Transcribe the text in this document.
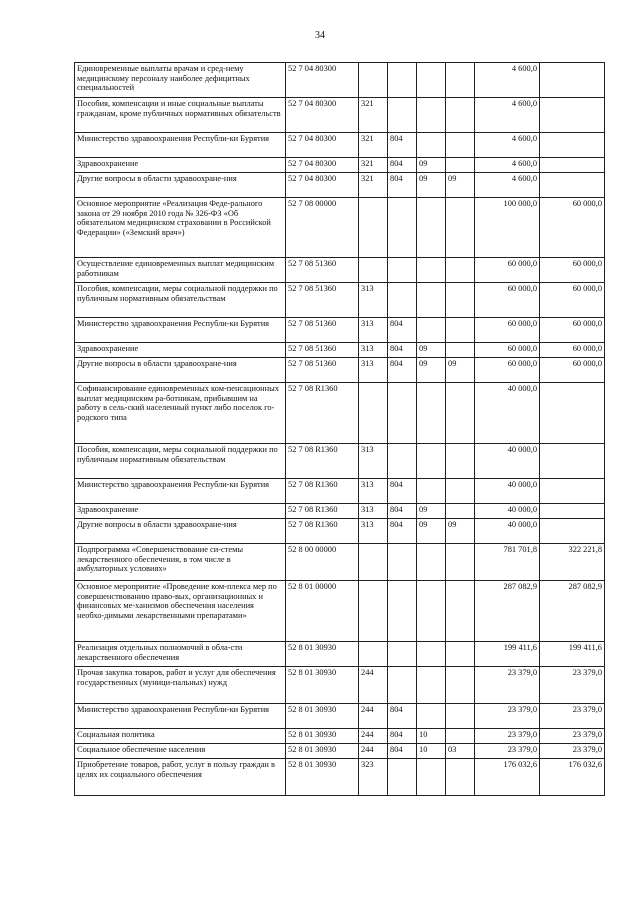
34
Единовременные выплаты врачам и сред-нему медицинскому персоналу наиболее дефицитных специальностей	52 7 04 80300					4 600,0	
Пособия, компенсации и иные социальные выплаты гражданам, кроме публичных нормативных обязательств	52 7 04 80300	321				4 600,0	
Министерство здравоохранения Республи-ки Бурятия	52 7 04 80300	321	804			4 600,0	
Здравоохранение	52 7 04 80300	321	804	09		4 600,0	
Другие вопросы в области здравоохране-ния	52 7 04 80300	321	804	09	09	4 600,0	
Основное мероприятие «Реализация Феде-рального закона от 29 ноября 2010 года № 326-ФЗ «Об обязательном медицинском страховании в Российской Федерации» («Земский врач»)	52 7 08 00000					100 000,0	60 000,0
Осуществление единовременных выплат медицинским работникам	52 7 08 51360					60 000,0	60 000,0
Пособия, компенсации, меры социальной поддержки по публичным нормативным обязательствам	52 7 08 51360	313				60 000,0	60 000,0
Министерство здравоохранения Республи-ки Бурятия	52 7 08 51360	313	804			60 000,0	60 000,0
Здравоохранение	52 7 08 51360	313	804	09		60 000,0	60 000,0
Другие вопросы в области здравоохране-ния	52 7 08 51360	313	804	09	09	60 000,0	60 000,0
Софинансирование единовременных ком-пенсационных выплат медицинским ра-ботникам, прибывшим на работу в сель-ский населенный пункт либо поселок го-родского типа	52 7 08 R1360					40 000,0	
Пособия, компенсации, меры социальной поддержки по публичным нормативным обязательствам	52 7 08 R1360	313				40 000,0	
Министерство здравоохранения Республи-ки Бурятия	52 7 08 R1360	313	804			40 000,0	
Здравоохранение	52 7 08 R1360	313	804	09		40 000,0	
Другие вопросы в области здравоохране-ния	52 7 08 R1360	313	804	09	09	40 000,0	
Подпрограмма «Совершенствование си-стемы лекарственного обеспечения, в том числе в амбулаторных условиях»	52 8 00 00000					781 701,8	322 221,8
Основное мероприятие «Проведение ком-плекса мер по совершенствованию право-вых, организационных и финансовых ме-ханизмов обеспечения населения необхо-димыми лекарственными препаратами»	52 8 01 00000					287 082,9	287 082,9
Реализация отдельных полномочий в обла-сти лекарственного обеспечения	52 8 01 30930					199 411,6	199 411,6
Прочая закупка товаров, работ и услуг для обеспечения государственных (муници-пальных) нужд	52 8 01 30930	244				23 379,0	23 379,0
Министерство здравоохранения Республи-ки Бурятия	52 8 01 30930	244	804			23 379,0	23 379,0
Социальная политика	52 8 01 30930	244	804	10		23 379,0	23 379,0
Социальное обеспечение населения	52 8 01 30930	244	804	10	03	23 379,0	23 379,0
Приобретение товаров, работ, услуг в пользу граждан в целях их социального обеспечения	52 8 01 30930	323				176 032,6	176 032,6
